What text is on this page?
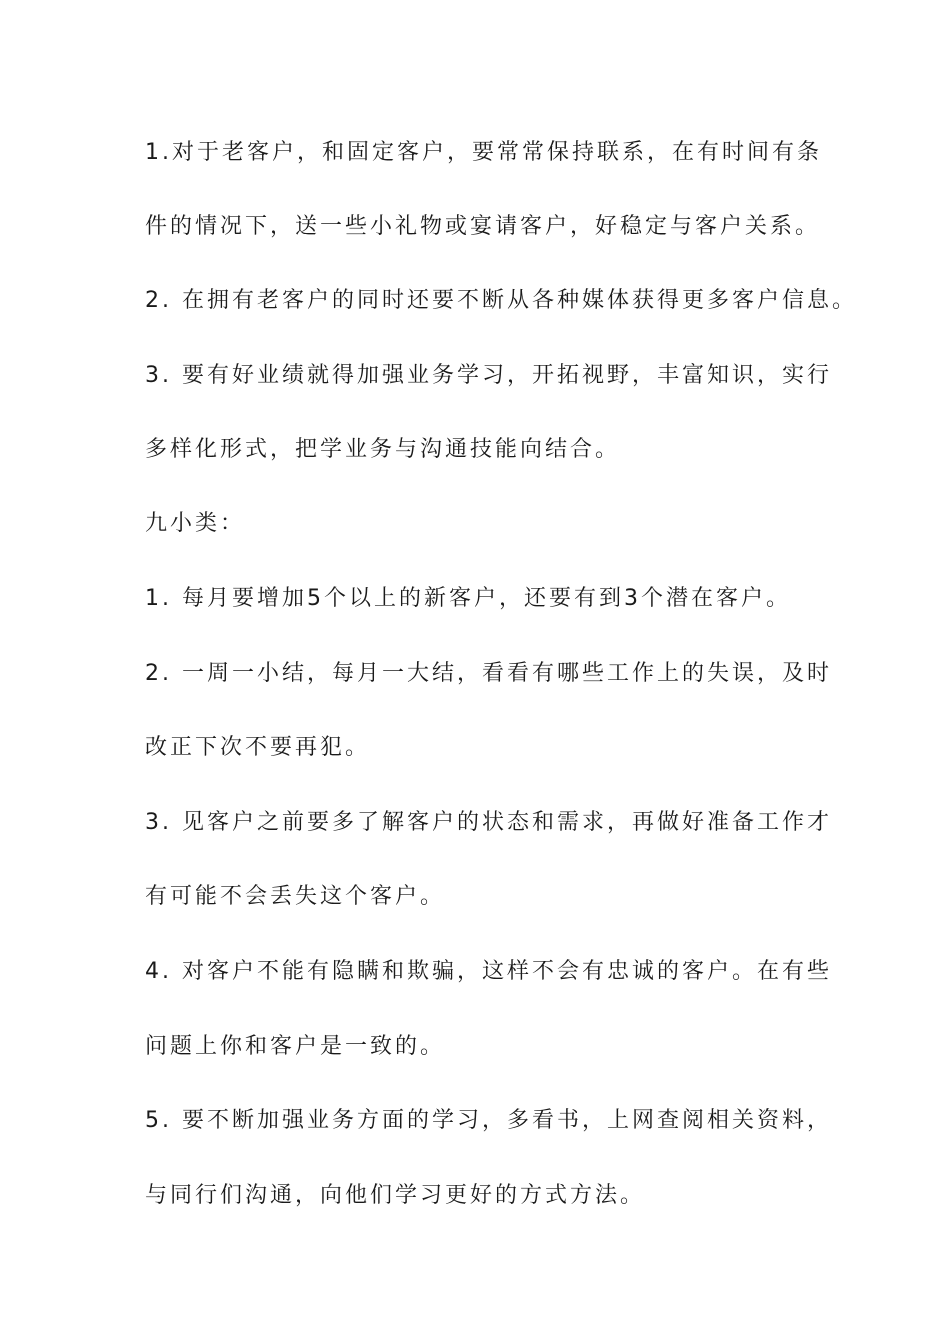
1.对于老客户，和固定客户，要常常保持联系，在有时间有条
件的情况下，送一些小礼物或宴请客户，好稳定与客户关系。
2. 在拥有老客户的同时还要不断从各种媒体获得更多客户信息。
3. 要有好业绩就得加强业务学习，开拓视野，丰富知识，实行
多样化形式，把学业务与沟通技能向结合。
九小类：
1. 每月要增加5个以上的新客户，还要有到3个潜在客户。
2. 一周一小结，每月一大结，看看有哪些工作上的失误，及时
改正下次不要再犯。
3. 见客户之前要多了解客户的状态和需求，再做好准备工作才
有可能不会丢失这个客户。
4. 对客户不能有隐瞒和欺骗，这样不会有忠诚的客户。在有些
问题上你和客户是一致的。
5. 要不断加强业务方面的学习，多看书，上网查阅相关资料，
与同行们沟通，向他们学习更好的方式方法。
